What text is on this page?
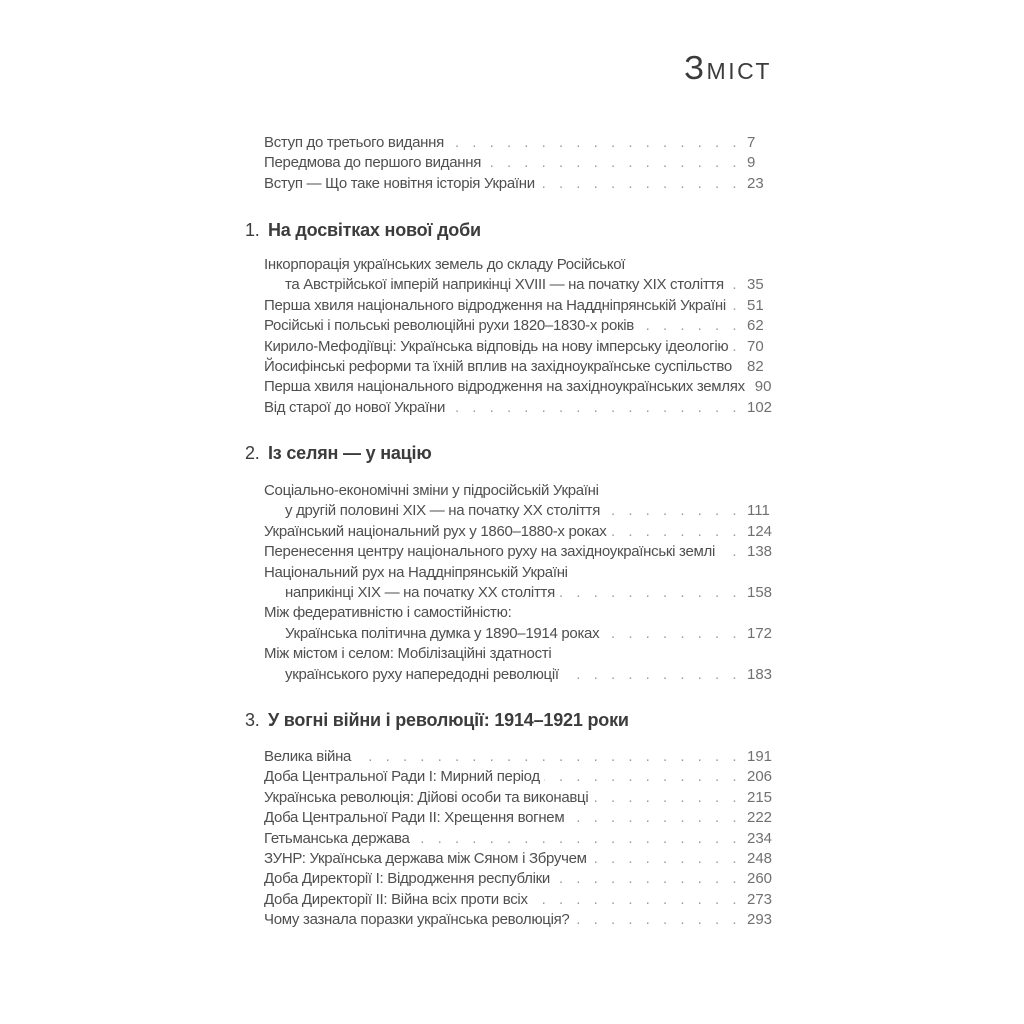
Зміст
Вступ до третього видання . . .	7
Передмова до першого видання . . .	9
Вступ — Що таке новітня історія України . . .	23
1. На досвітках нової доби
Інкорпорація українських земель до складу Російської
та Австрійської імперій наприкінці XVIII — на початку XIX століття . . . 35
Перша хвиля національного відродження на Наддніпрянській Україні . . . 51
Російські і польські революційні рухи 1820–1830-х років . . .	62
Кирило-Мефодіївці: Українська відповідь на нову імперську ідеологію . . . 70
Йосифінські реформи та їхній вплив на західноукраїнське суспільство . . . 82
Перша хвиля національного відродження на західноукраїнських землях 90
Від старої до нової України . . .	102
2. Із селян — у націю
Соціально-економічні зміни у підросійській Україні
у другій половині XIX — на початку XX століття . . .	111
Український національний рух у 1860–1880-х роках . . .	124
Перенесення центру національного руху на західноукраїнські землі . . . 138
Національний рух на Наддніпрянській Україні
наприкінці XIX — на початку XX століття . . .	158
Між федеративністю і самостійністю:
Українська політична думка у 1890–1914 роках . . .	172
Між містом і селом: Мобілізаційні здатності
українського руху напередодні революції . . .	183
3. У вогні війни і революції: 1914–1921 роки
Велика війна . . .	191
Доба Центральної Ради I: Мирний період . . .	206
Українська революція: Дійові особи та виконавці . . .	215
Доба Центральної Ради II: Хрещення вогнем . . .	222
Гетьманська держава . . .	234
ЗУНР: Українська держава між Сяном і Збручем . . .	248
Доба Директорії I: Відродження республіки . . .	260
Доба Директорії II: Війна всіх проти всіх . . .	273
Чому зазнала поразки українська революція? . . .	293
